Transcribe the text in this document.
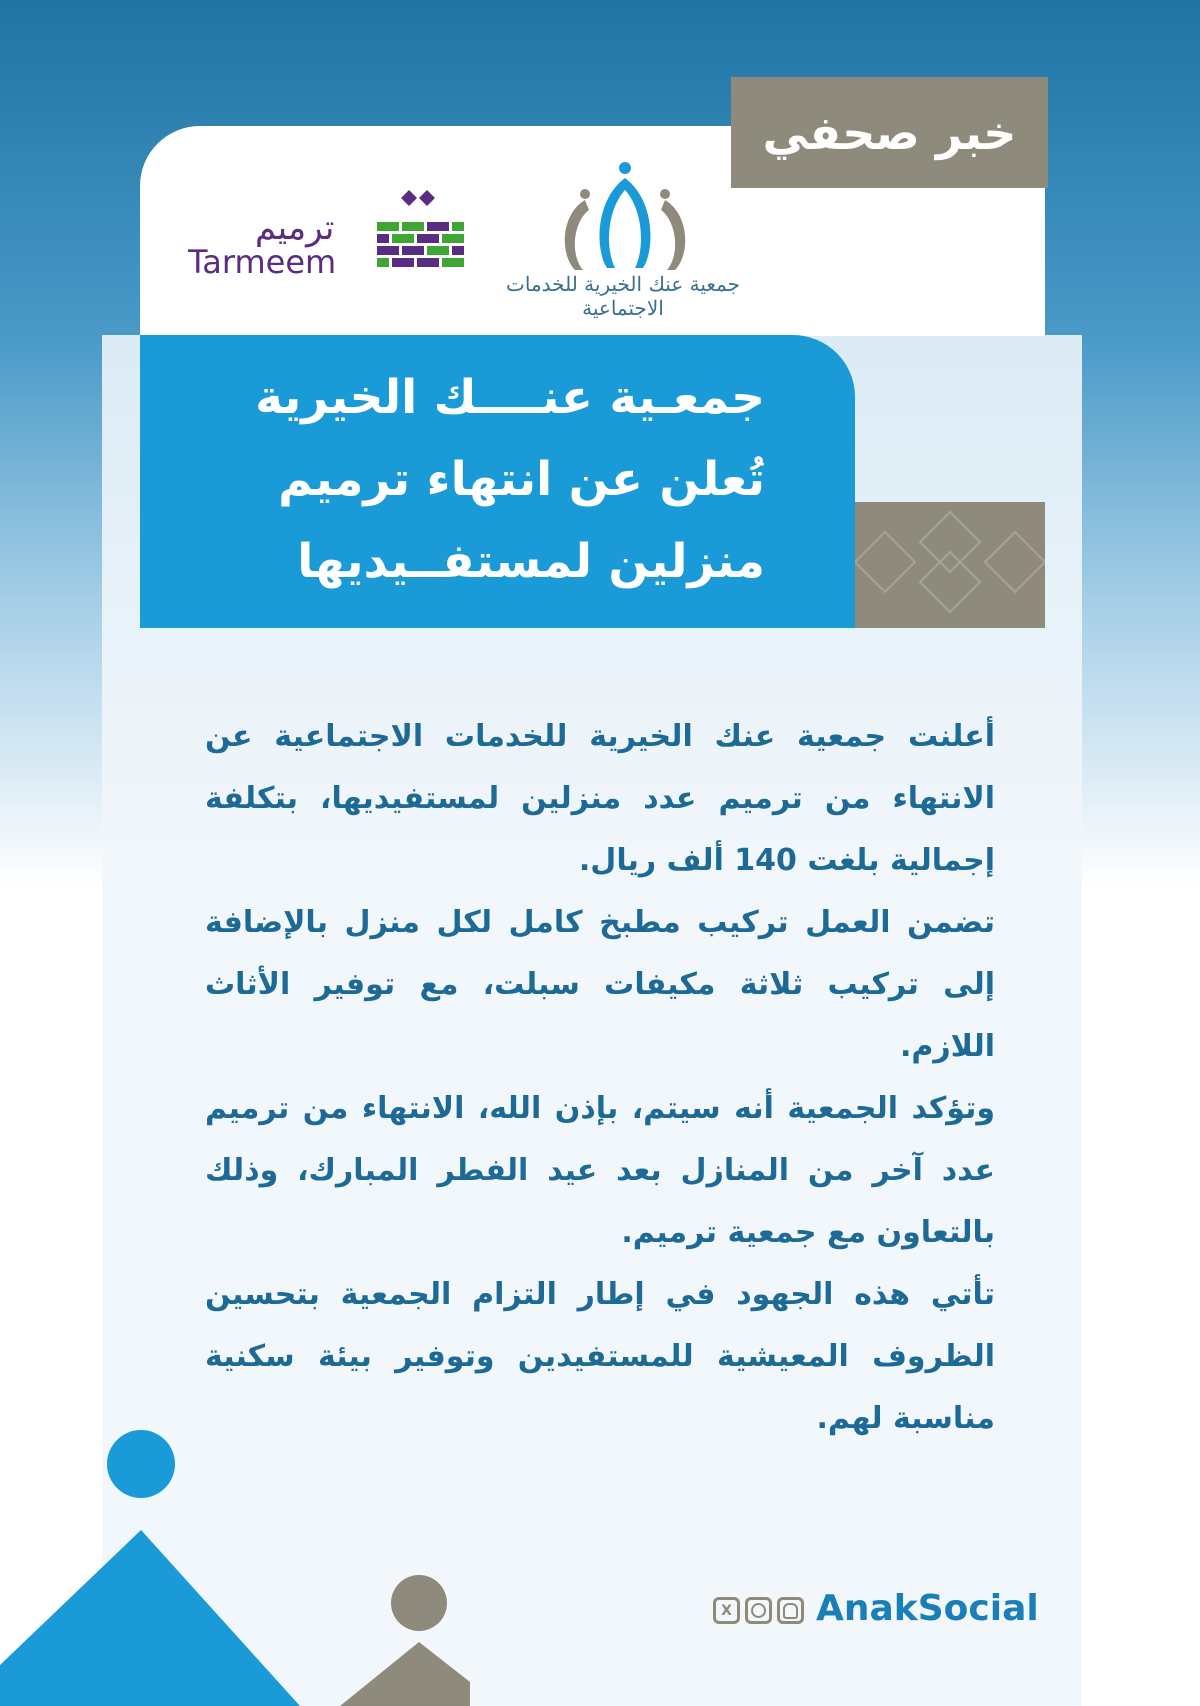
خبر صحفي
ترميم
Tarmeem
جمعية عنك الخيرية للخدمات الاجتماعية
جمعـية عنــــك الخيرية
تُعلن عن انتهاء ترميم
منزلين لمستفــيديها

أعلنت جمعية عنك الخيرية للخدمات الاجتماعية عن الانتهاء من ترميم عدد منزلين لمستفيديها، بتكلفة إجمالية بلغت 140 ألف ريال.

تضمن العمل تركيب مطبخ كامل لكل منزل بالإضافة إلى تركيب ثلاثة مكيفات سبلت، مع توفير الأثاث اللازم.

وتؤكد الجمعية أنه سيتم، بإذن الله، الانتهاء من ترميم عدد آخر من المنازل بعد عيد الفطر المبارك، وذلك بالتعاون مع جمعية ترميم.

تأتي هذه الجهود في إطار التزام الجمعية بتحسين الظروف المعيشية للمستفيدين وتوفير بيئة سكنية مناسبة لهم.

X AnakSocial
